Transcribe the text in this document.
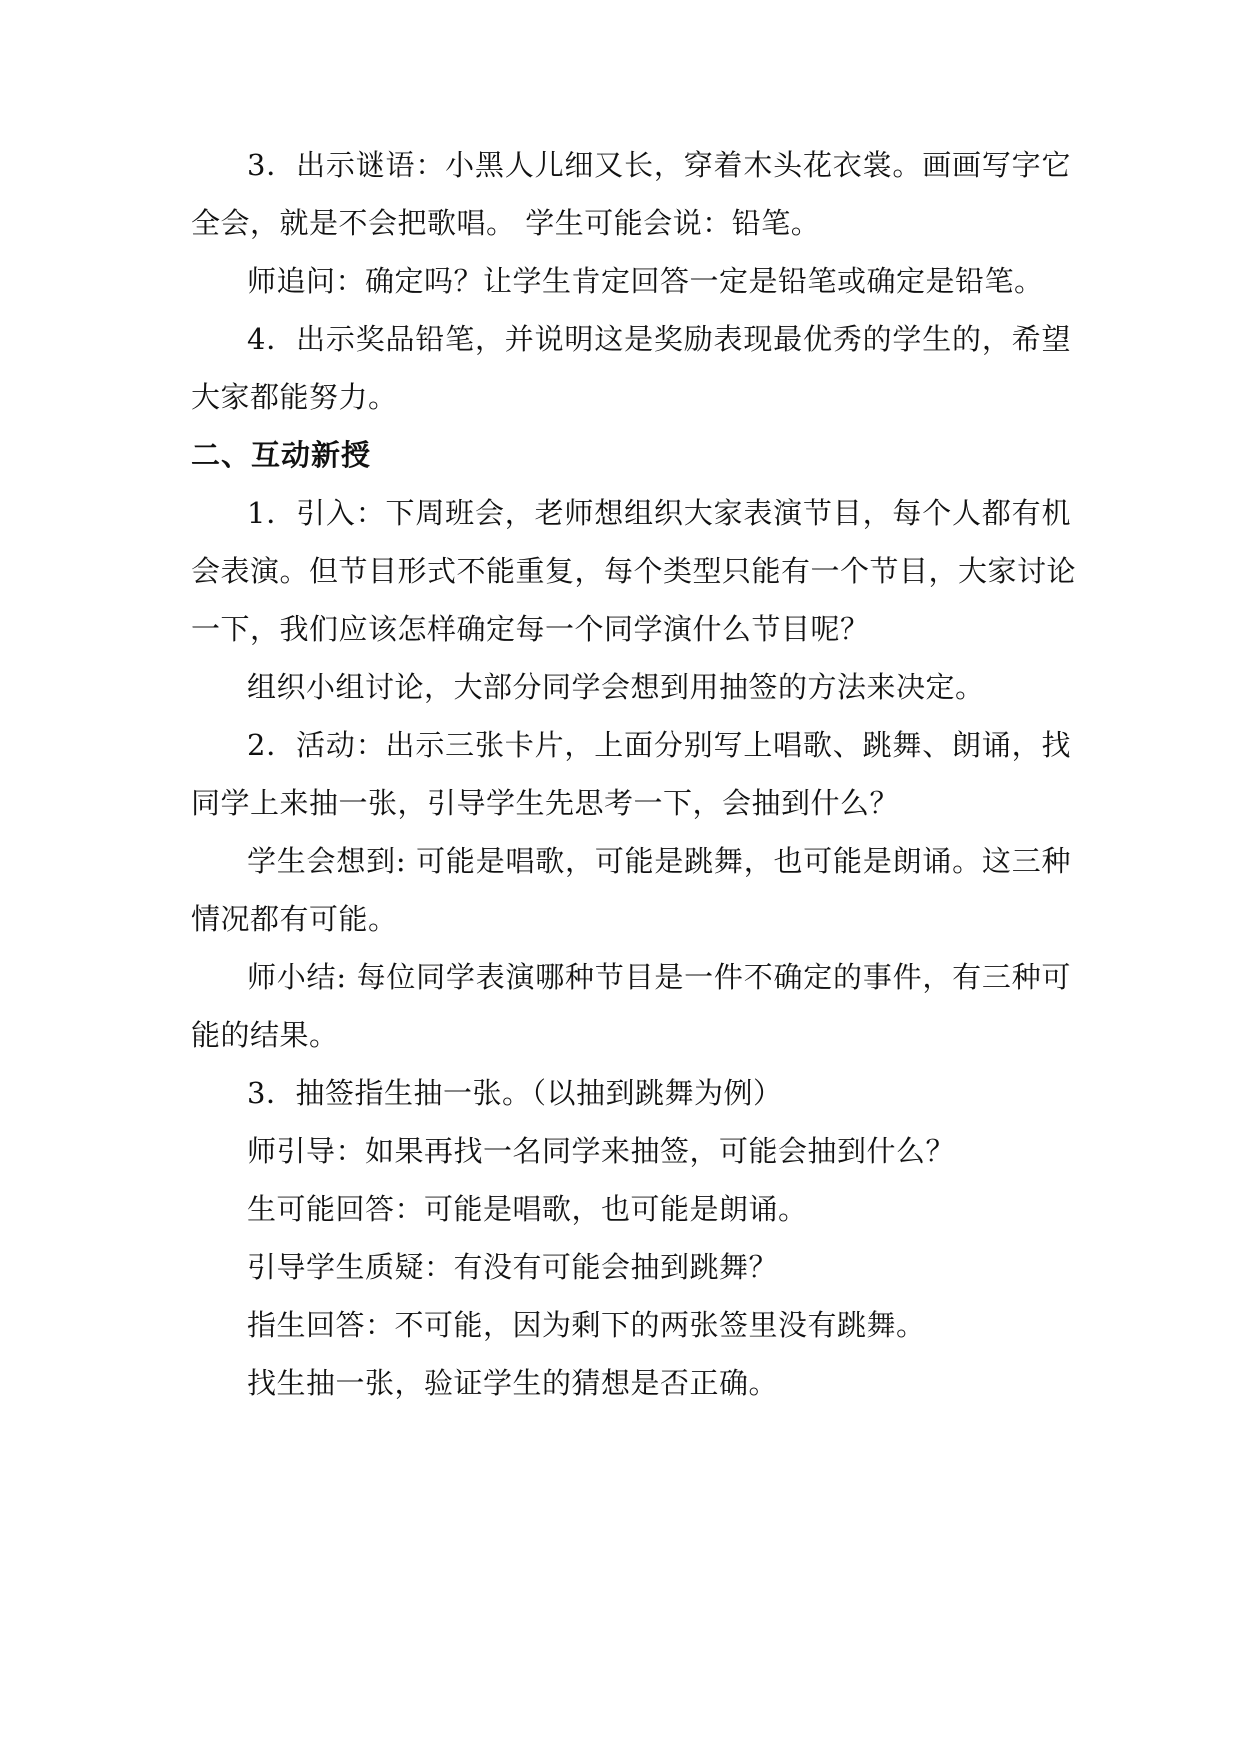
3．出示谜语：小黑人儿细又长，穿着木头花衣裳。画画写字它
全会，就是不会把歌唱。 学生可能会说：铅笔。
师追问：确定吗？让学生肯定回答一定是铅笔或确定是铅笔。
4．出示奖品铅笔，并说明这是奖励表现最优秀的学生的，希望
大家都能努力。
二、互动新授
1．引入：下周班会，老师想组织大家表演节目，每个人都有机
会表演。但节目形式不能重复，每个类型只能有一个节目，大家讨论
一下，我们应该怎样确定每一个同学演什么节目呢？
组织小组讨论，大部分同学会想到用抽签的方法来决定。
2．活动：出示三张卡片，上面分别写上唱歌、跳舞、朗诵，找
同学上来抽一张，引导学生先思考一下，会抽到什么？
学生会想到: 可能是唱歌，可能是跳舞，也可能是朗诵。这三种
情况都有可能。
师小结: 每位同学表演哪种节目是一件不确定的事件，有三种可
能的结果。
3．抽签指生抽一张。（以抽到跳舞为例）
师引导：如果再找一名同学来抽签，可能会抽到什么？
生可能回答：可能是唱歌，也可能是朗诵。
引导学生质疑：有没有可能会抽到跳舞？
指生回答：不可能，因为剩下的两张签里没有跳舞。
找生抽一张，验证学生的猜想是否正确。
